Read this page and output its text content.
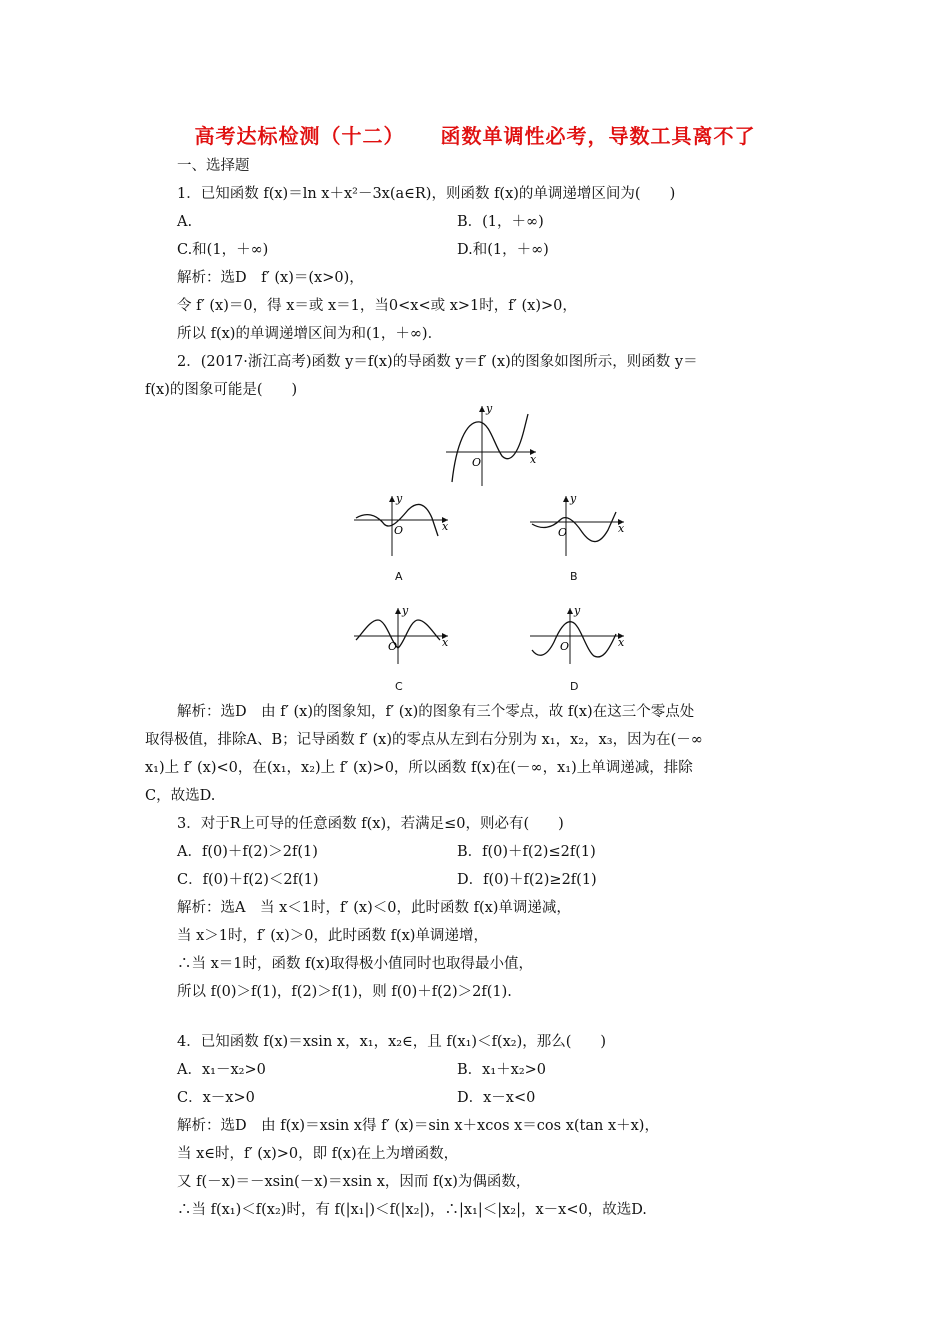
高考达标检测（十二） 函数单调性必考，导数工具离不了
一、选择题
1．已知函数 f(x)＝ln x＋x²－3x(a∈R)，则函数 f(x)的单调递增区间为(　　)
A.	B．(1，＋∞)
C.和(1，＋∞)	D.和(1，＋∞)
解析：选D　f′ (x)＝(x>0)，
令 f′ (x)＝0，得 x＝或 x＝1，当0<x<或 x>1时，f′ (x)>0，
所以 f(x)的单调递增区间为和(1，＋∞)．
2．(2017·浙江高考)函数 y＝f(x)的导函数 y＝f′ (x)的图象如图所示，则函数 y＝
f(x)的图象可能是(　　)
y
x
O
y
x
O
A
y
x
O
B
y
x
O
C
y
x
O
D
解析：选D　由 f′ (x)的图象知，f′ (x)的图象有三个零点，故 f(x)在这三个零点处
取得极值，排除A、B；记导函数 f′ (x)的零点从左到右分别为 x₁，x₂，x₃，因为在(－∞
x₁)上 f′ (x)<0，在(x₁，x₂)上 f′ (x)>0，所以函数 f(x)在(－∞，x₁)上单调递减，排除
C，故选D.
3．对于R上可导的任意函数 f(x)，若满足≤0，则必有(　　)
A．f(0)＋f(2)＞2f(1)	B．f(0)＋f(2)≤2f(1)
C．f(0)＋f(2)＜2f(1)	D．f(0)＋f(2)≥2f(1)
解析：选A　当 x＜1时，f′ (x)＜0，此时函数 f(x)单调递减，
当 x＞1时，f′ (x)＞0，此时函数 f(x)单调递增，
∴当 x＝1时，函数 f(x)取得极小值同时也取得最小值，
所以 f(0)＞f(1)，f(2)＞f(1)，则 f(0)＋f(2)＞2f(1).
4．已知函数 f(x)＝xsin x，x₁，x₂∈，且 f(x₁)＜f(x₂)，那么(　　)
A．x₁－x₂>0	B．x₁＋x₂>0
C．x－x>0	D．x－x<0
解析：选D　由 f(x)＝xsin x得 f′ (x)＝sin x＋xcos x＝cos x(tan x＋x)，
当 x∈时，f′ (x)>0，即 f(x)在上为增函数，
又 f(－x)＝－xsin(－x)＝xsin x，因而 f(x)为偶函数，
∴当 f(x₁)＜f(x₂)时，有 f(|x₁|)＜f(|x₂|)，∴|x₁|＜|x₂|，x－x<0，故选D.
